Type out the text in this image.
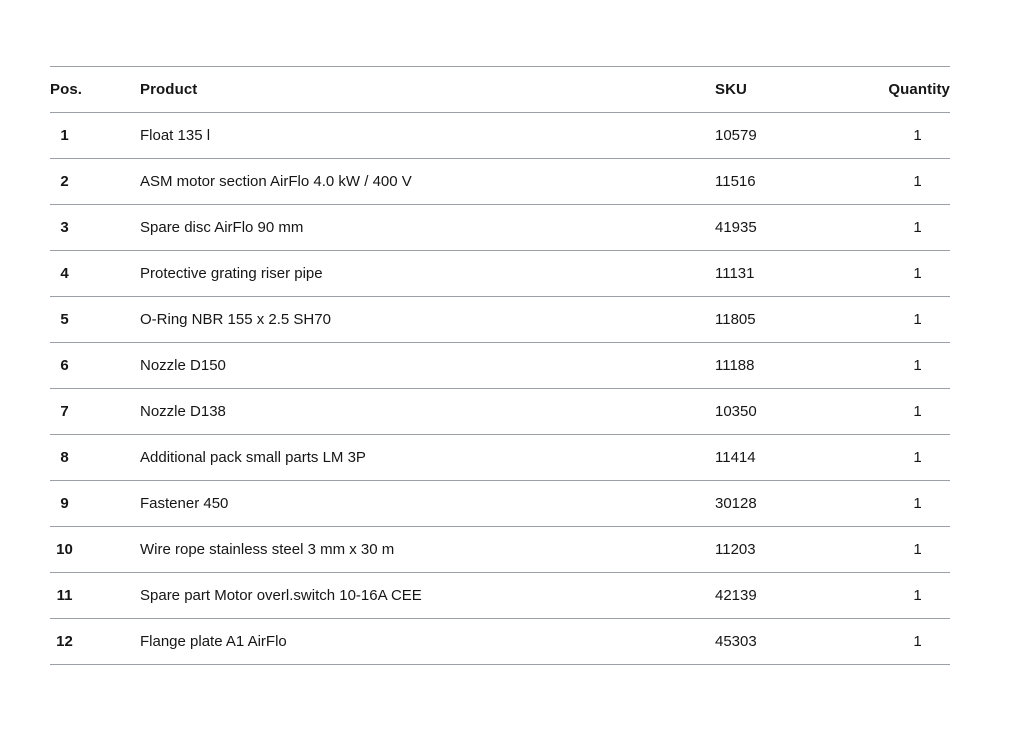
Pos.	Product	SKU	Quantity
1	Float 135 l	10579	1
2	ASM motor section AirFlo 4.0 kW / 400 V	11516	1
3	Spare disc AirFlo 90 mm	41935	1
4	Protective grating riser pipe	11131	1
5	O-Ring NBR 155 x 2.5 SH70	11805	1
6	Nozzle D150	11188	1
7	Nozzle D138	10350	1
8	Additional pack small parts LM 3P	11414	1
9	Fastener 450	30128	1
10	Wire rope stainless steel 3 mm x 30 m	11203	1
11	Spare part Motor overl.switch 10-16A CEE	42139	1
12	Flange plate A1 AirFlo	45303	1
